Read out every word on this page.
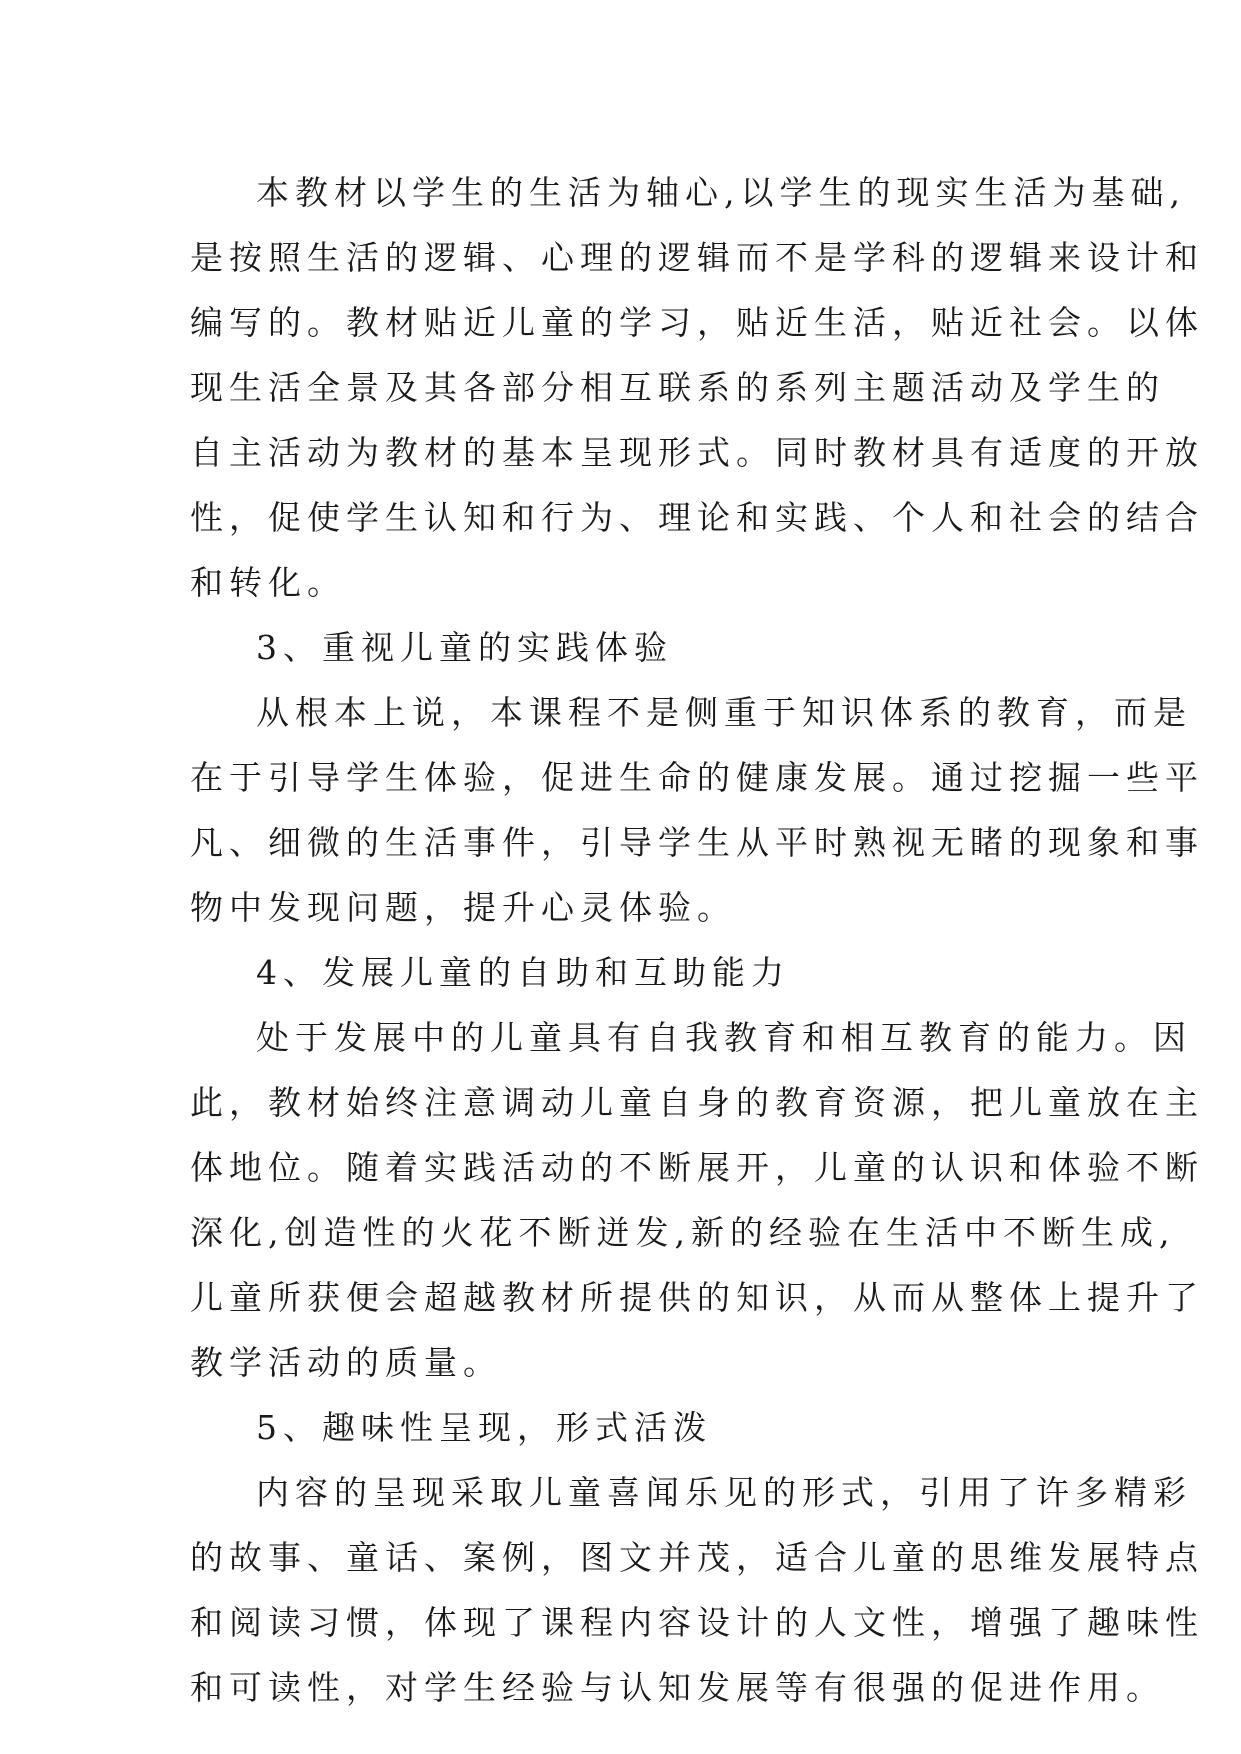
本教材以学生的生活为轴心,以学生的现实生活为基础,
是按照生活的逻辑、心理的逻辑而不是学科的逻辑来设计和
编写的。教材贴近儿童的学习，贴近生活，贴近社会。以体
现生活全景及其各部分相互联系的系列主题活动及学生的
自主活动为教材的基本呈现形式。同时教材具有适度的开放
性，促使学生认知和行为、理论和实践、个人和社会的结合
和转化。
3、重视儿童的实践体验
从根本上说，本课程不是侧重于知识体系的教育，而是
在于引导学生体验，促进生命的健康发展。通过挖掘一些平
凡、细微的生活事件，引导学生从平时熟视无睹的现象和事
物中发现问题，提升心灵体验。
4、发展儿童的自助和互助能力
处于发展中的儿童具有自我教育和相互教育的能力。因
此，教材始终注意调动儿童自身的教育资源，把儿童放在主
体地位。随着实践活动的不断展开，儿童的认识和体验不断
深化,创造性的火花不断迸发,新的经验在生活中不断生成,
儿童所获便会超越教材所提供的知识，从而从整体上提升了
教学活动的质量。
5、趣味性呈现，形式活泼
内容的呈现采取儿童喜闻乐见的形式，引用了许多精彩
的故事、童话、案例，图文并茂，适合儿童的思维发展特点
和阅读习惯，体现了课程内容设计的人文性，增强了趣味性
和可读性，对学生经验与认知发展等有很强的促进作用。
